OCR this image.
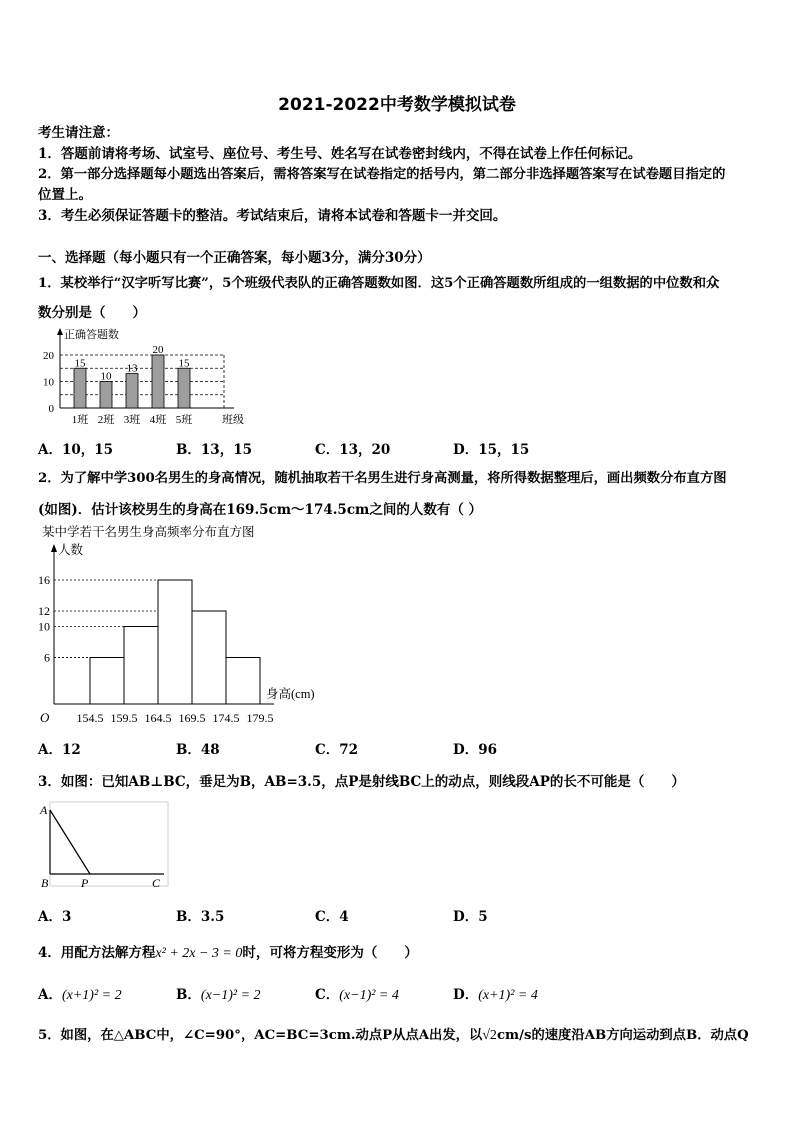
2021-2022中考数学模拟试卷
考生请注意：
1．答题前请将考场、试室号、座位号、考生号、姓名写在试卷密封线内，不得在试卷上作任何标记。
2．第一部分选择题每小题选出答案后，需将答案写在试卷指定的括号内，第二部分非选择题答案写在试卷题目指定的
位置上。
3．考生必须保证答题卡的整洁。考试结束后，请将本试卷和答题卡一并交回。
一、选择题（每小题只有一个正确答案，每小题3分，满分30分）
1．某校举行“汉字听写比赛”，5个班级代表队的正确答题数如图．这5个正确答题数所组成的一组数据的中位数和众
数分别是（　　）
正确答题数
班级
0
10
20
15
1班
10
2班
13
3班
20
4班
15
5班
A．10，15	B．13，15	C．13，20	D．15，15
2．为了解中学300名男生的身高情况，随机抽取若干名男生进行身高测量，将所得数据整理后，画出频数分布直方图
(如图)．估计该校男生的身高在169.5cm～174.5cm之间的人数有（ ）
某中学若干名男生身高频率分布直方图
人数
身高(cm)
O
6
10
12
16
154.5 159.5 164.5 169.5 174.5 179.5
A．12	B．48	C．72	D．96
3．如图：已知AB⊥BC，垂足为B，AB=3.5，点P是射线BC上的动点，则线段AP的长不可能是（　　）
A
B	P	C
A．3	B．3.5	C．4	D．5
4．用配方法解方程x² + 2x − 3 = 0时，可将方程变形为（　　）
A．(x+1)² = 2	B．(x−1)² = 2	C．(x−1)² = 4	D．(x+1)² = 4
5．如图，在△ABC中，∠C=90°，AC=BC=3cm.动点P从点A出发，以√2cm/s的速度沿AB方向运动到点B．动点Q
